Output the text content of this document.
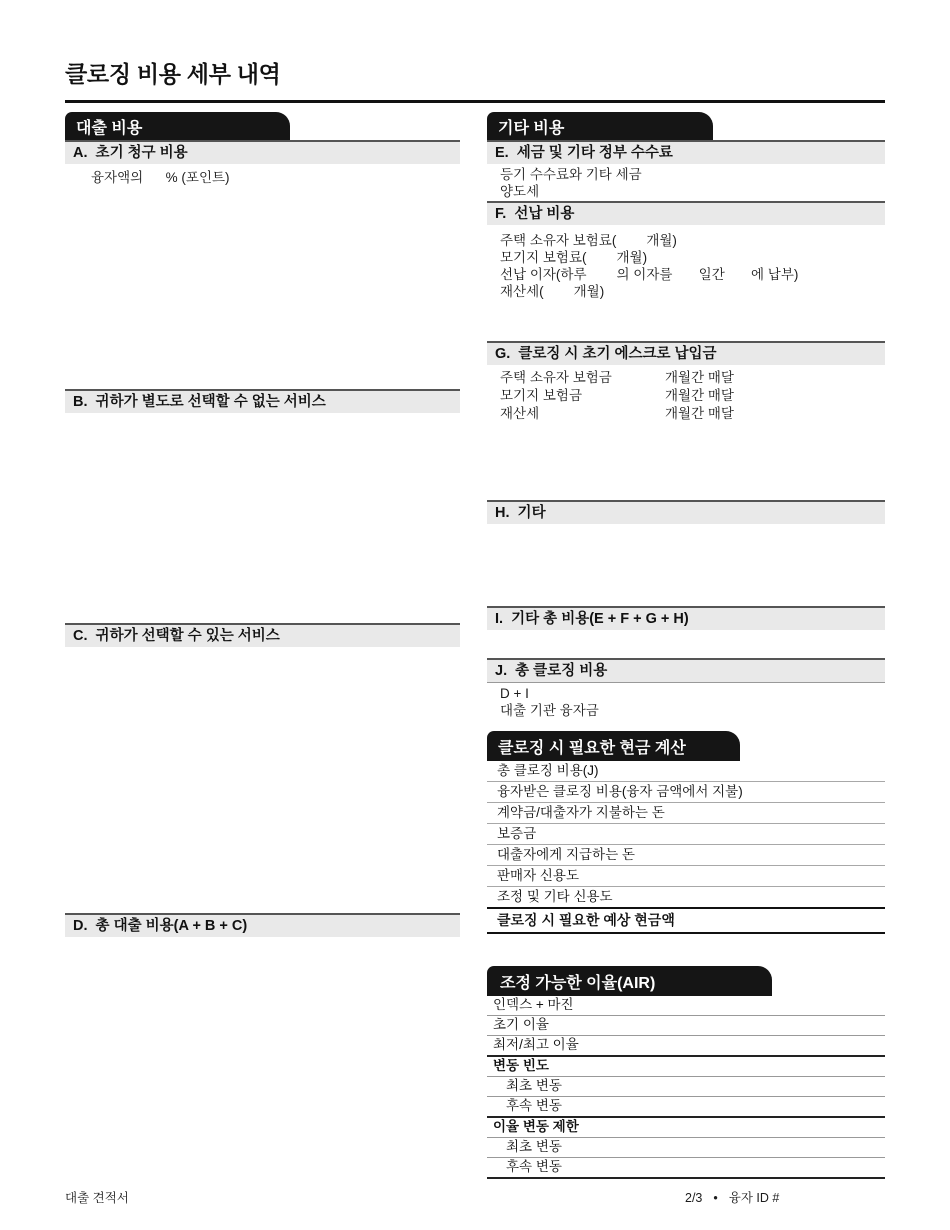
클로징 비용 세부 내역
대출 비용
A.  초기 청구 비용
융자액의      % (포인트)
B.  귀하가 별도로 선택할 수 없는 서비스
C.  귀하가 선택할 수 있는 서비스
D.  총 대출 비용(A + B + C)
기타 비용
E.  세금 및 기타 정부 수수료
등기 수수료와 기타 세금
양도세
F.  선납 비용
주택 소유자 보험료(        개월)
모기지 보험료(        개월)
선납 이자(하루        의 이자를       일간       에 납부)
재산세(        개월)
G.  클로징 시 초기 에스크로 납입금
주택 소유자 보험금	개월간 매달
모기지 보험금	개월간 매달
재산세	개월간 매달
H.  기타
I.  기타 총 비용(E + F + G + H)
J.  총 클로징 비용
D + I
대출 기관 융자금
클로징 시 필요한 현금 계산
총 클로징 비용(J)
융자받은 클로징 비용(융자 금액에서 지불)
계약금/대출자가 지불하는 돈
보증금
대출자에게 지급하는 돈
판매자 신용도
조정 및 기타 신용도
클로징 시 필요한 예상 현금액
조정 가능한 이율(AIR)
인덱스 + 마진
초기 이율
최저/최고 이율
변동 빈도
최초 변동
후속 변동
이율 변동 제한
최초 변동
후속 변동
대출 견적서	2/3 • 융자 ID #
